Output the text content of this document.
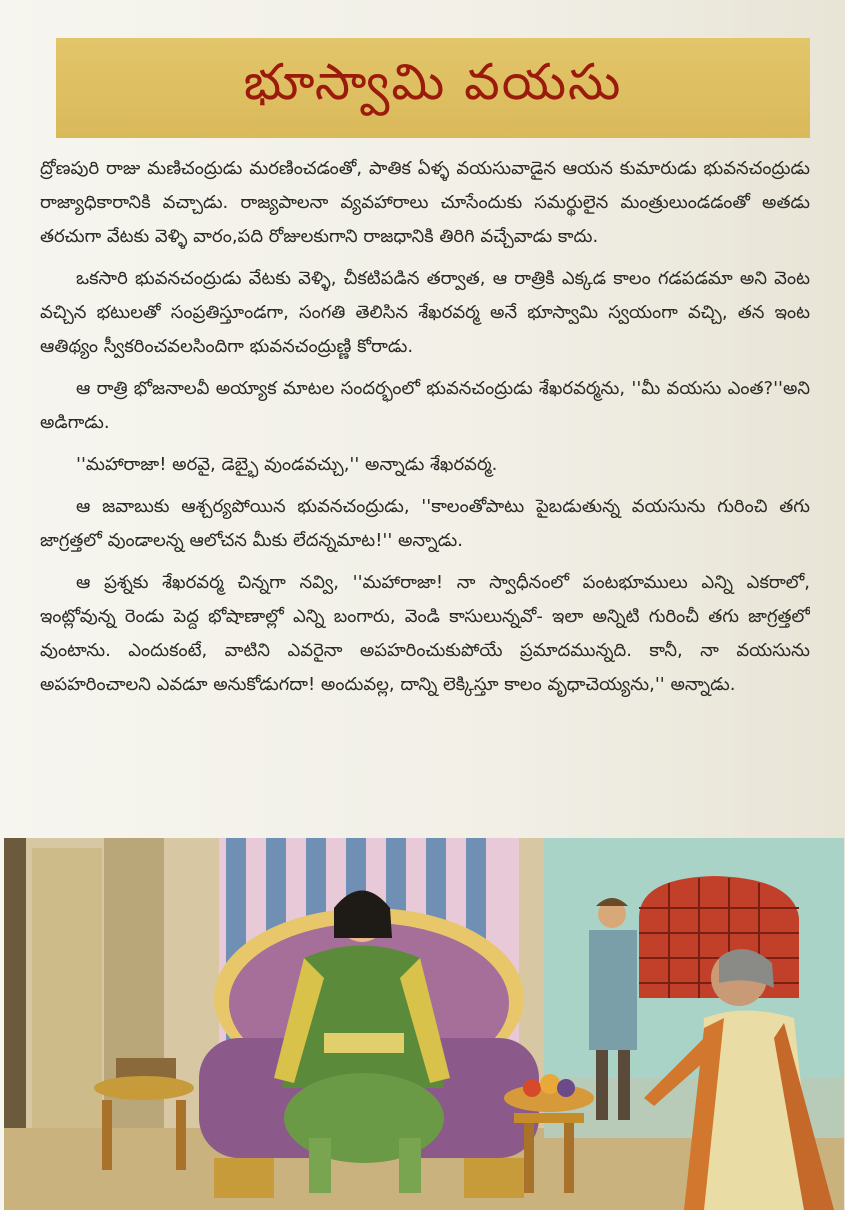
భూస్వామి వయసు

ద్రోణపురి రాజు మణిచంద్రుడు మరణించడంతో, పాతిక ఏళ్ళ వయసువాడైన ఆయన కుమారుడు భువనచంద్రుడు రాజ్యాధికారానికి వచ్చాడు. రాజ్యపాలనా వ్యవహారాలు చూసేందుకు సమర్థులైన మంత్రులుండడంతో అతడు తరచుగా వేటకు వెళ్ళి వారం,పది రోజులకుగాని రాజధానికి తిరిగి వచ్చేవాడు కాదు.

ఒకసారి భువనచంద్రుడు వేటకు వెళ్ళి, చీకటిపడిన తర్వాత, ఆ రాత్రికి ఎక్కడ కాలం గడపడమా అని వెంట వచ్చిన భటులతో సంప్రతిస్తూండగా, సంగతి తెలిసిన శేఖరవర్మ అనే భూస్వామి స్వయంగా వచ్చి, తన ఇంట ఆతిథ్యం స్వీకరించవలసిందిగా భువనచంద్రుణ్ణి కోరాడు.

ఆ రాత్రి భోజనాలవీ అయ్యాక మాటల సందర్భంలో భువనచంద్రుడు శేఖరవర్మను, ''మీ వయసు ఎంత?''అని అడిగాడు.

''మహారాజా! అరవై, డెబ్భై వుండవచ్చు,'' అన్నాడు శేఖరవర్మ.

ఆ జవాబుకు ఆశ్చర్యపోయిన భువనచంద్రుడు, ''కాలంతోపాటు పైబడుతున్న వయసును గురించి తగు జాగ్రత్తలో వుండాలన్న ఆలోచన మీకు లేదన్నమాట!'' అన్నాడు.

ఆ ప్రశ్నకు శేఖరవర్మ చిన్నగా నవ్వి, ''మహారాజా! నా స్వాధీనంలో పంటభూములు ఎన్ని ఎకరాలో, ఇంట్లోవున్న రెండు పెద్ద భోషాణాల్లో ఎన్ని బంగారు, వెండి కాసులున్నవో- ఇలా అన్నిటి గురించీ తగు జాగ్రత్తలో వుంటాను. ఎందుకంటే, వాటిని ఎవరైనా అపహరించుకుపోయే ప్రమాదమున్నది. కానీ, నా వయసును అపహరించాలని ఎవడూ అనుకోడుగదా! అందువల్ల, దాన్ని లెక్కిస్తూ కాలం వృధాచెయ్యను,'' అన్నాడు.
